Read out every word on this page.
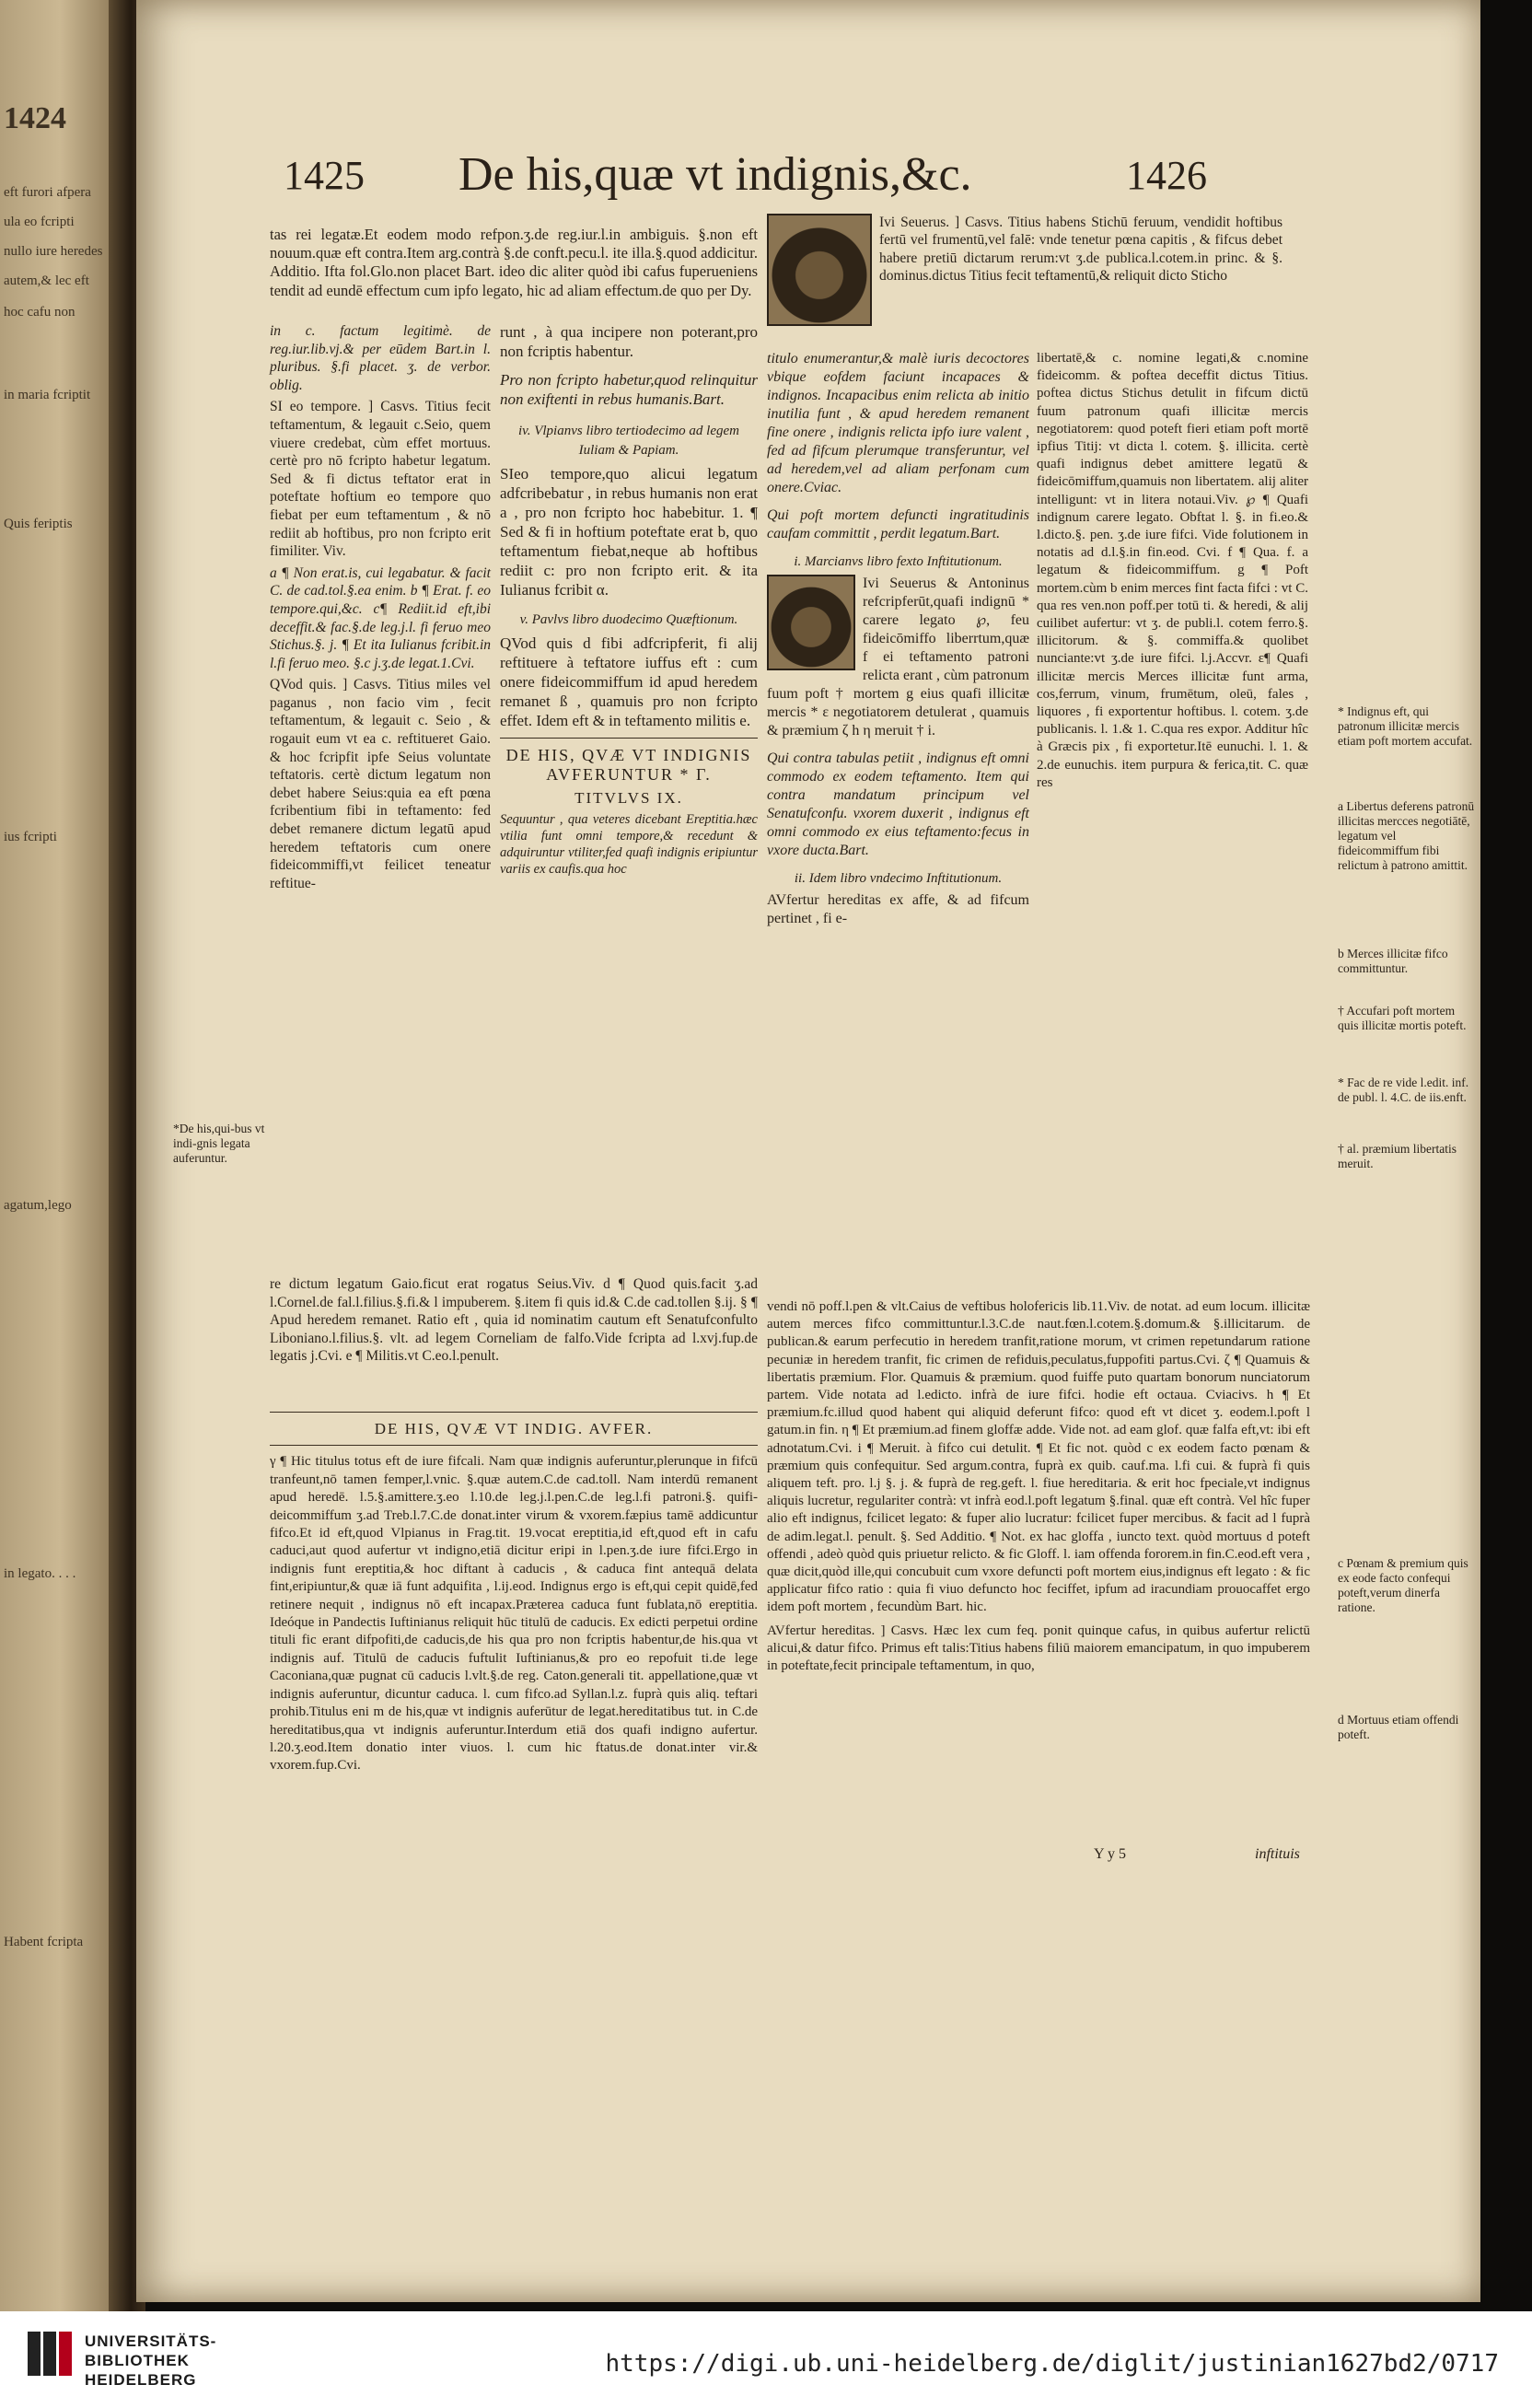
1424
eft furori afpera
ula eo fcripti
nullo iure heredes
autem,& lec eft
hoc cafu non
in maria fcriptit
Quis feriptis
ius fcripti
agatum,lego
in legato. . . .
Habent fcripta
1425 De his,quæ vt indignis,&c.	1426
*De his,qui-bus vt indi-gnis legata auferuntur.
* Indignus eft, qui patronum illicitæ mercis etiam poft mortem accufat.
a Libertus deferens patronū illicitas mercces negotiātē, legatum vel fideicommiffum fibi relictum à patrono amittit.
b Merces illicitæ fifco committuntur.
† Accufari poft mortem quis illicitæ mortis poteft.
* Fac de re vide l.edit. inf. de publ. l. 4.C. de iis.enft.
† al. præmium libertatis meruit.
c Pœnam & premium quis ex eode facto confequi poteft,verum dinerfa ratione.
d Mortuus etiam offendi poteft.

tas rei legatæ.Et eodem modo refpon.ʒ.de reg.iur.l.in ambiguis. §.non eft nouum.quæ eft contra.Item arg.contrà §.de conft.pecu.l. ite illa.§.quod addicitur. Additio. Ifta fol.Glo.non placet Bart. ideo dic aliter quòd ibi cafus fuperueniens tendit ad eundē effectum cum ipfo legato, hic ad aliam effectum.de quo per Dy.

in c. factum legitimè. de reg.iur.lib.vj.& per eūdem Bart.in l. pluribus. §.fi placet. ʒ. de verbor. oblig.

SI eo tempore. ] Casvs. Titius fecit teftamentum, & legauit c.Seio, quem viuere credebat, cùm effet mortuus. certè pro nō fcripto habetur legatum. Sed & fi dictus teftator erat in poteftate hoftium eo tempore quo fiebat per eum teftamentum , & nō rediit ab hoftibus, pro non fcripto erit fimiliter. Viv.

a ¶ Non erat.is, cui legabatur. & facit C. de cad.tol.§.ea enim. b ¶ Erat. f. eo tempore.qui,&c. c¶ Rediit.id eft,ibi deceffit.& fac.§.de leg.j.l. fi feruo meo Stichus.§. j. ¶ Et ita Iulianus fcribit.in l.fi feruo meo. §.c j.ʒ.de legat.1.Cvi.

QVod quis. ] Casvs. Titius miles vel paganus , non facio vim , fecit teftamentum, & legauit c. Seio , & rogauit eum vt ea c. reftitueret Gaio. & hoc fcripfit ipfe Seius voluntate teftatoris. certè dictum legatum non debet habere Seius:quia ea eft pœna fcribentium fibi in teftamento: fed debet remanere dictum legatū apud heredem teftatoris cum onere fideicommiffi,vt feilicet teneatur reftitue-

re dictum legatum Gaio.ficut erat rogatus Seius.Viv. d ¶ Quod quis.facit ʒ.ad l.Cornel.de fal.l.filius.§.fi.& l impuberem. §.item fi quis id.& C.de cad.tollen §.ij. § ¶ Apud heredem remanet. Ratio eft , quia id nominatim cautum eft Senatufconfulto Liboniano.l.filius.§. vlt. ad legem Corneliam de falfo.Vide fcripta ad l.xvj.fup.de legatis j.Cvi. e ¶ Militis.vt C.eo.l.penult.

runt , à qua incipere non poterant,pro non fcriptis habentur.

Pro non fcripto habetur,quod relinquitur non exiftenti in rebus humanis.Bart.

iv. Vlpianvs libro tertiodecimo ad legem Iuliam & Papiam.

SIeo tempore,quo alicui legatum adfcribebatur , in rebus humanis non erat a , pro non fcripto hoc habebitur. 1. ¶ Sed & fi in hoftium poteftate erat b, quo teftamentum fiebat,neque ab hoftibus rediit c: pro non fcripto erit. & ita Iulianus fcribit α.

v. Pavlvs libro duodecimo Quæftionum.

QVod quis d fibi adfcripferit, fi alij reftituere à teftatore iuffus eft : cum onere fideicommiffum id apud heredem remanet ß , quamuis pro non fcripto effet. Idem eft & in teftamento militis e.

DE HIS, QVÆ VT INDIGNIS AVFERUNTUR * Γ.

TITVLVS IX.

Sequuntur , qua veteres dicebant Ereptitia.hæc vtilia funt omni tempore,& recedunt & adquiruntur vtiliter,fed quafi indignis eripiuntur variis ex caufis.qua hoc

Ivi Seuerus. ] Casvs. Titius habens Stichū feruum, vendidit hoftibus fertū vel frumentū,vel falē: vnde tenetur pœna capitis , & fifcus debet habere pretiū dictarum rerum:vt ʒ.de publica.l.cotem.in princ. & §. dominus.dictus Titius fecit teftamentū,& reliquit dicto Sticho

titulo enumerantur,& malè iuris decoctores vbique eofdem faciunt incapaces & indignos. Incapacibus enim relicta ab initio inutilia funt , & apud heredem remanent fine onere , indignis relicta ipfo iure valent , fed ad fifcum plerumque transferuntur, vel ad heredem,vel ad aliam perfonam cum onere.Cviac.

Qui poft mortem defuncti ingratitudinis caufam committit , perdit legatum.Bart.

i. Marcianvs libro fexto Inftitutionum.

Ivi Seuerus & Antoninus refcripferūt,quafi indignū * carere legato ℘, feu fideicōmiffo liberrtum,quæ f ei teftamento patroni relicta erant , cùm patronum fuum poft † mortem g eius quafi illicitæ mercis * ε negotiatorem detulerat , quamuis & præmium ζ h η meruit † i.

Qui contra tabulas petiit , indignus eft omni commodo ex eodem teftamento. Item qui contra mandatum principum vel Senatufconfu. vxorem duxerit , indignus eft omni commodo ex eius teftamento:fecus in vxore ducta.Bart.

ii. Idem libro vndecimo Inftitutionum.

AVfertur hereditas ex affe, & ad fifcum pertinet , fi e-

libertatē,& c. nomine legati,& c.nomine fideicomm. & poftea deceffit dictus Titius. poftea dictus Stichus detulit in fifcum dictū fuum patronum quafi illicitæ mercis negotiatorem: quod poteft fieri etiam poft mortē ipfius Titij: vt dicta l. cotem. §. illicita. certè quafi indignus debet amittere legatū & fideicōmiffum,quamuis non libertatem. alij aliter intelligunt: vt in litera notaui.Viv. ℘ ¶ Quafi indignum carere legato. Obftat l. §. in fi.eo.& l.dicto.§. pen. ʒ.de iure fifci. Vide folutionem in notatis ad d.l.§.in fin.eod. Cvi. f ¶ Qua. f. a legatum & fideicommiffum. g ¶ Poft mortem.cùm b enim merces fint facta fifci : vt C. qua res ven.non poff.per totū ti. & heredi, & alij cuilibet aufertur: vt ʒ. de publi.l. cotem ferro.§. illicitorum. & §. commiffa.& quolibet nunciante:vt ʒ.de iure fifci. l.j.Accvr. ε¶ Quafi illicitæ mercis Merces illicitæ funt arma, cos,ferrum, vinum, frumētum, oleū, fales , liquores , fi exportentur hoftibus. l. cotem. ʒ.de publicanis. l. 1.& 1. C.qua res expor. Additur hîc à Græcis pix , fi exportetur.Itē eunuchi. l. 1. & 2.de eunuchis. item purpura & ferica,tit. C. quæ res

vendi nō poff.l.pen & vlt.Caius de veftibus holofericis lib.11.Viv. de notat. ad eum locum. illicitæ autem merces fifco committuntur.l.3.C.de naut.fœn.l.cotem.§.domum.& §.illicitarum. de publican.& earum perfecutio in heredem tranfit,ratione morum, vt crimen repetundarum ratione pecuniæ in heredem tranfit, fic crimen de refiduis,peculatus,fuppofiti partus.Cvi. ζ ¶ Quamuis & libertatis præmium. Flor. Quamuis & præmium. quod fuiffe puto quartam bonorum nunciatorum partem. Vide notata ad l.edicto. infrà de iure fifci. hodie eft octaua. Cviacivs. h ¶ Et præmium.fc.illud quod habent qui aliquid deferunt fifco: quod eft vt dicet ʒ. eodem.l.poft l gatum.in fin. η ¶ Et præmium.ad finem gloffæ adde. Vide not. ad eam glof. quæ falfa eft,vt: ibi eft adnotatum.Cvi. i ¶ Meruit. à fifco cui detulit. ¶ Et fic not. quòd c ex eodem facto pœnam & præmium quis confequitur. Sed argum.contra, fuprà ex quib. cauf.ma. l.fi cui. & fuprà fi quis aliquem teft. pro. l.j §. j. & fuprà de reg.geft. l. fiue hereditaria. & erit hoc fpeciale,vt indignus aliquis lucretur, regulariter contrà: vt infrà eod.l.poft legatum §.final. quæ eft contrà. Vel hîc fuper alio eft indignus, fcilicet legato: & fuper alio lucratur: fcilicet fuper mercibus. & facit ad l fuprà de adim.legat.l. penult. §. Sed Additio. ¶ Not. ex hac gloffa , iuncto text. quòd mortuus d poteft offendi , adeò quòd quis priuetur relicto. & fic Gloff. l. iam offenda fororem.in fin.C.eod.eft vera , quæ dicit,quòd ille,qui concubuit cum vxore defuncti poft mortem eius,indignus eft legato : & fic applicatur fifco ratio : quia fi viuo defuncto hoc feciffet, ipfum ad iracundiam prouocaffet ergo idem poft mortem , fecundùm Bart. hic.

AVfertur hereditas. ] Casvs. Hæc lex cum feq. ponit quinque cafus, in quibus aufertur relictū alicui,& datur fifco. Primus eft talis:Titius habens filiū maiorem emancipatum, in quo impuberem in poteftate,fecit principale teftamentum, in quo,

Y y 5	inftituis

DE HIS, QVÆ VT INDIG. AVFER.

γ ¶ Hic titulus totus eft de iure fifcali. Nam quæ indignis auferuntur,plerunque in fifcū tranfeunt,nō tamen femper,l.vnic. §.quæ autem.C.de cad.toll. Nam interdū remanent apud heredē. l.5.§.amittere.ʒ.eo l.10.de leg.j.l.pen.C.de leg.l.fi patroni.§. quifi- deicommiffum ʒ.ad Treb.l.7.C.de donat.inter virum & vxorem.fæpius tamē addicuntur fifco.Et id eft,quod Vlpianus in Frag.tit. 19.vocat ereptitia,id eft,quod eft in cafu caduci,aut quod aufertur vt indigno,etiā dicitur eripi in l.pen.ʒ.de iure fifci.Ergo in indignis funt ereptitia,& hoc diftant à caducis , & caduca fint antequā delata fint,eripiuntur,& quæ iā funt adquifita , l.ij.eod. Indignus ergo is eft,qui cepit quidē,fed retinere nequit , indignus nō eft incapax.Præterea caduca funt fublata,nō ereptitia. Ideóque in Pandectis Iuftinianus reliquit hūc titulū de caducis. Ex edicti perpetui ordine tituli fic erant difpofiti,de caducis,de his qua pro non fcriptis habentur,de his.qua vt indignis auf. Titulū de caducis fuftulit Iuftinianus,& pro eo repofuit ti.de lege Caconiana,quæ pugnat cū caducis l.vlt.§.de reg. Caton.generali tit. appellatione,quæ vt indignis auferuntur, dicuntur caduca. l. cum fifco.ad Syllan.l.z. fuprà quis aliq. teftari prohib.Titulus eni m de his,quæ vt indignis auferūtur de legat.hereditatibus tut. in C.de hereditatibus,qua vt indignis auferuntur.Interdum etiā dos quafi indigno aufertur. l.20.ʒ.eod.Item donatio inter viuos. l. cum hic ftatus.de donat.inter vir.& vxorem.fup.Cvi.

UNIVERSITÄTS-
BIBLIOTHEK
HEIDELBERG
https://digi.ub.uni-heidelberg.de/diglit/justinian1627bd2/0717
